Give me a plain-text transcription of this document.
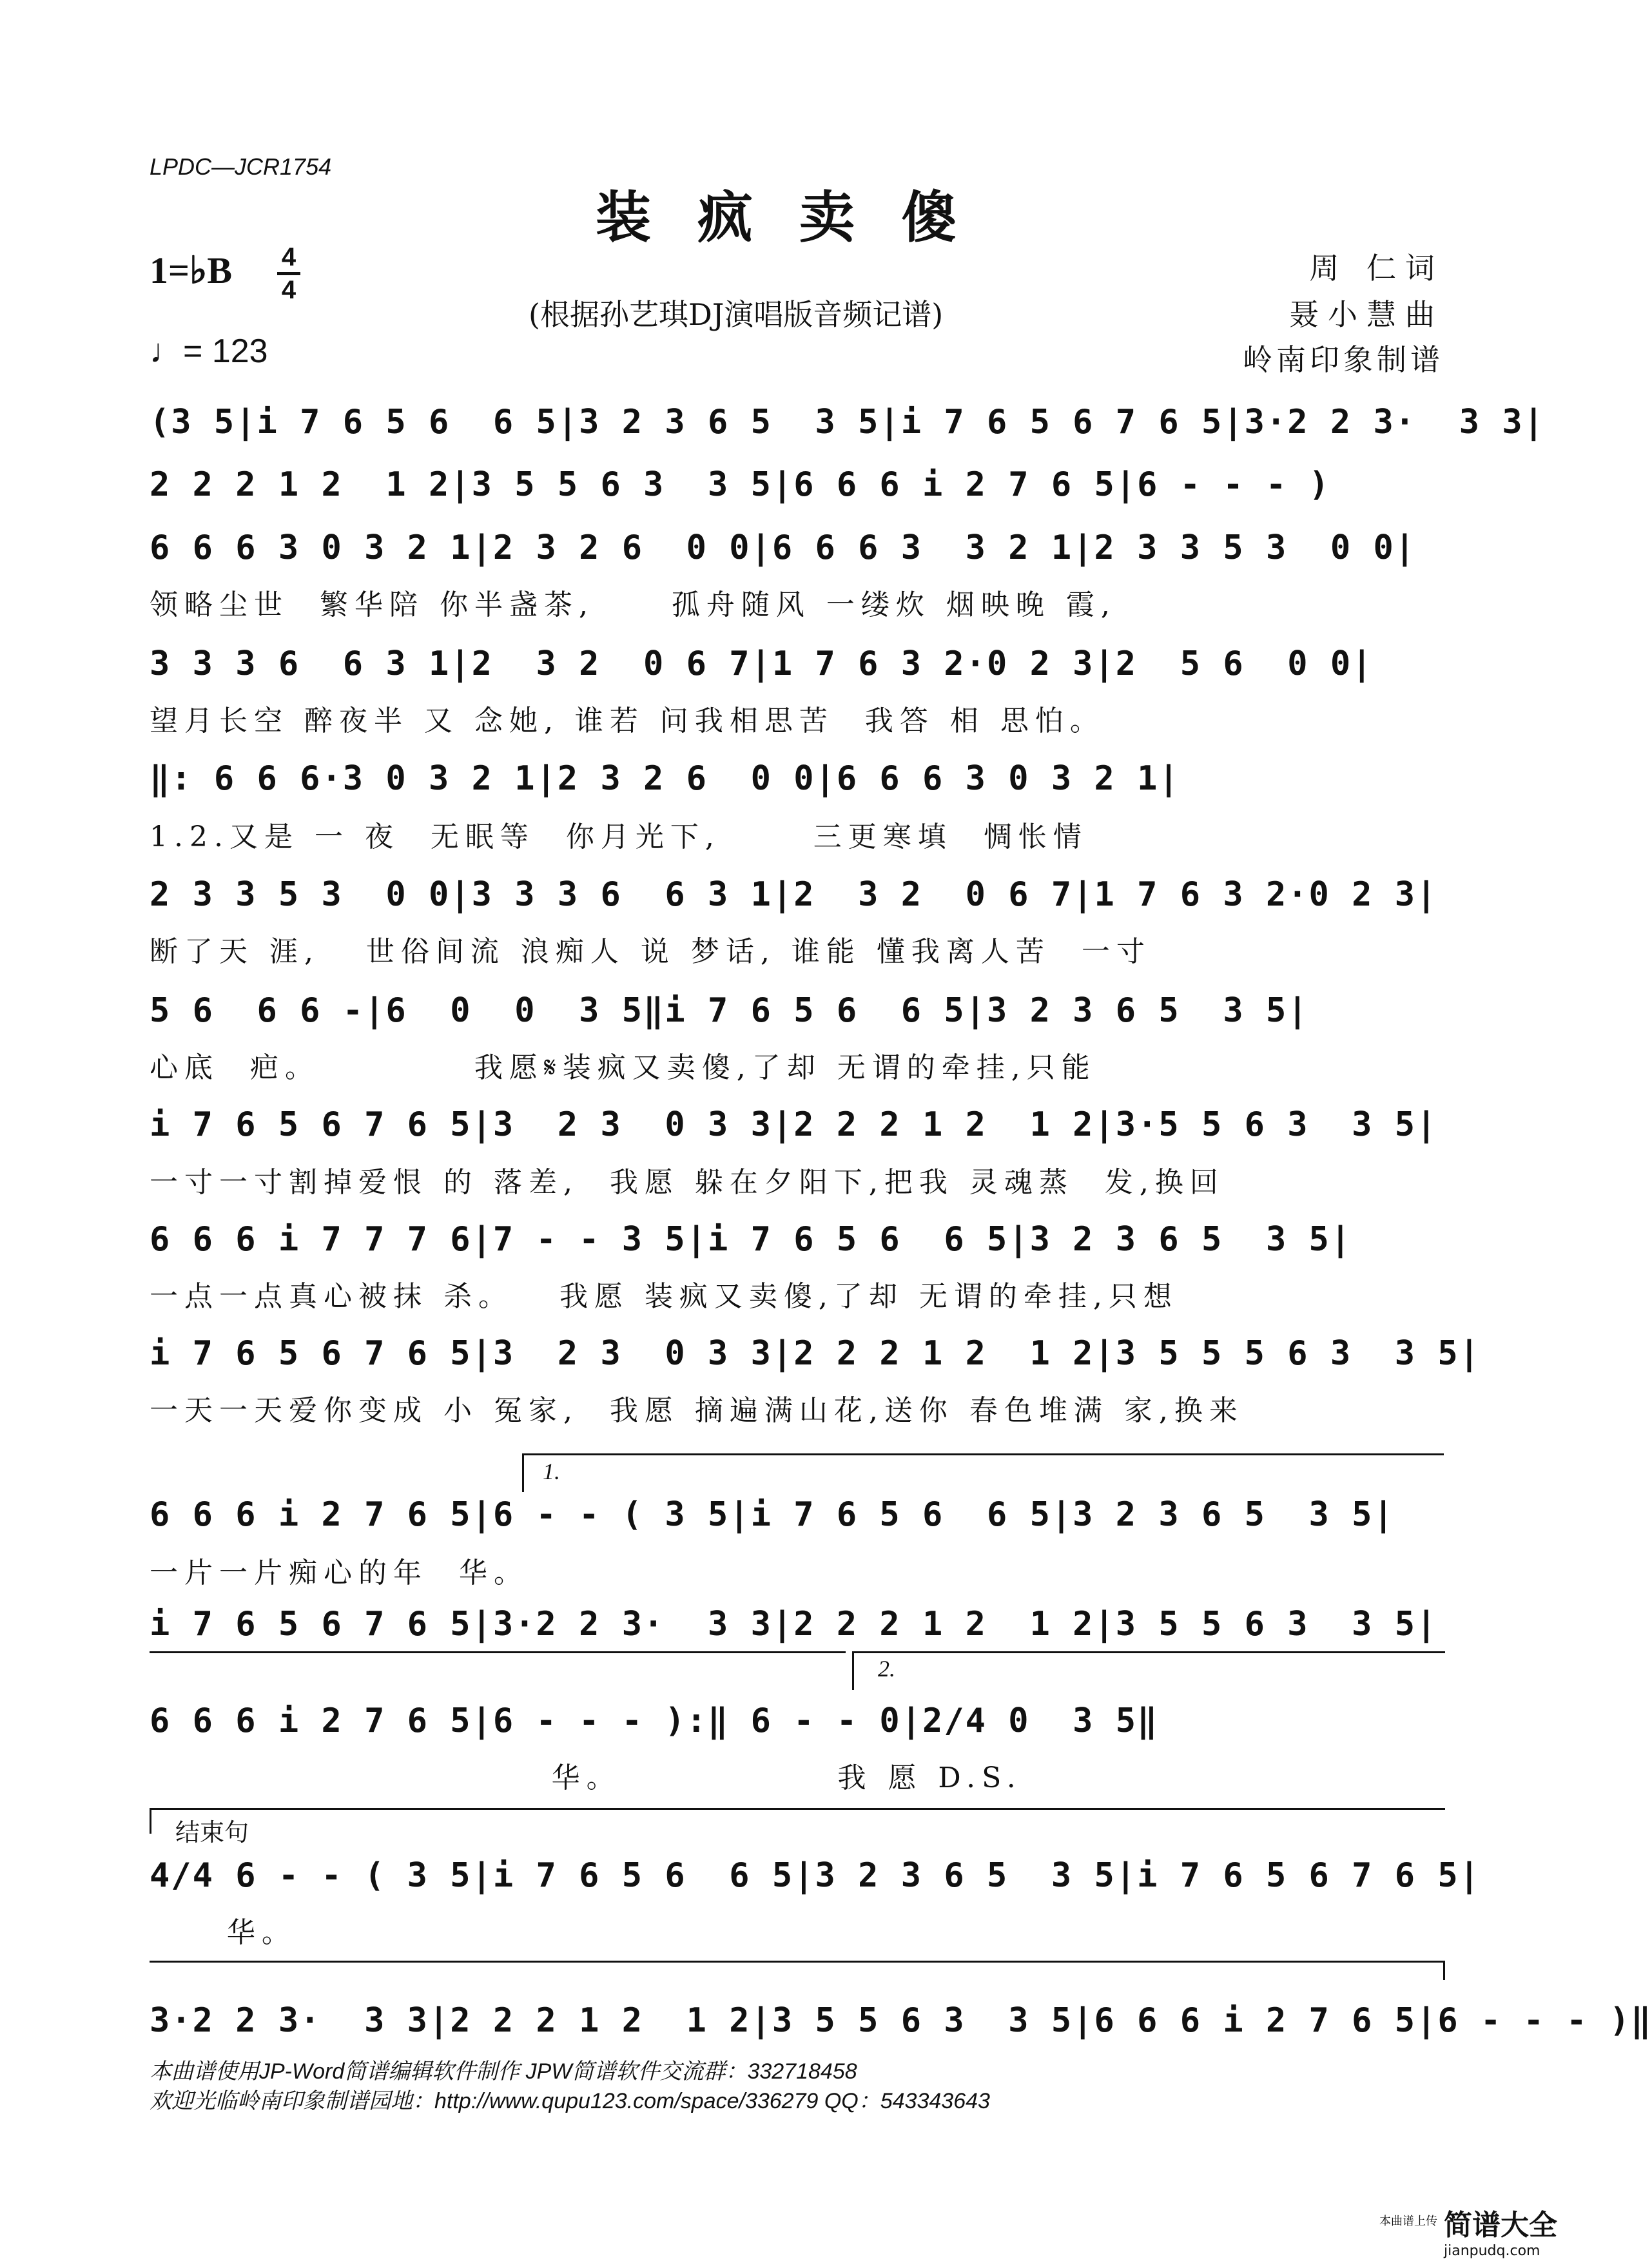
LPDC—JCR1754
装疯卖傻
1=♭B 4
4
♩= 123
(根据孙艺琪DJ演唱版音频记谱)
周 仁词
聂小慧曲
岭南印象制谱
(3 5|i 7 6 5 6  6 5|3 2 3 6 5  3 5|i 7 6 5 6 7 6 5|3·2 2 3·  3 3|
2 2 2 1 2  1 2|3 5 5 6 3  3 5|6 6 6 i 2 7 6 5|6 - - - )
6 6 6 3 0 3 2 1|2 3 2 6  0 0|6 6 6 3  3 2 1|2 3 3 5 3  0 0|
领略尘世  繁华陪 你半盏茶,     孤舟随风 一缕炊 烟映晚 霞,
3 3 3 6  6 3 1|2  3 2  0 6 7|1 7 6 3 2·0 2 3|2  5 6  0 0|
望月长空 醉夜半 又 念她, 谁若 问我相思苦  我答 相 思怕。
‖: 6 6 6·3 0 3 2 1|2 3 2 6  0 0|6 6 6 3 0 3 2 1|
1.2.又是 一 夜  无眠等  你月光下,      三更寒填  惆怅情
2 3 3 5 3  0 0|3 3 3 6  6 3 1|2  3 2  0 6 7|1 7 6 3 2·0 2 3|
断了天 涯,   世俗间流 浪痴人 说 梦话, 谁能 懂我离人苦  一寸
5 6  6 6 -|6  0  0  3 5‖i 7 6 5 6  6 5|3 2 3 6 5  3 5|
心底  疤。          我愿𝄋装疯又卖傻,了却 无谓的牵挂,只能
i 7 6 5 6 7 6 5|3  2 3  0 3 3|2 2 2 1 2  1 2|3·5 5 6 3  3 5|
一寸一寸割掉爱恨 的 落差,  我愿 躲在夕阳下,把我 灵魂蒸  发,换回
6 6 6 i 7 7 7 6|7 - - 3 5|i 7 6 5 6  6 5|3 2 3 6 5  3 5|
一点一点真心被抹 杀。   我愿 装疯又卖傻,了却 无谓的牵挂,只想
i 7 6 5 6 7 6 5|3  2 3  0 3 3|2 2 2 1 2  1 2|3 5 5 5 6 3  3 5|
一天一天爱你变成 小 冤家,  我愿 摘遍满山花,送你 春色堆满 家,换来
1.
6 6 6 i 2 7 6 5|6 - - ( 3 5|i 7 6 5 6  6 5|3 2 3 6 5  3 5|
一片一片痴心的年  华。
i 7 6 5 6 7 6 5|3·2 2 3·  3 3|2 2 2 1 2  1 2|3 5 5 6 3  3 5|
2.
6 6 6 i 2 7 6 5|6 - - - ):‖ 6 - - 0|2/4 0  3 5‖
华。              我 愿 D.S.
结束句
4/4 6 - - ( 3 5|i 7 6 5 6  6 5|3 2 3 6 5  3 5|i 7 6 5 6 7 6 5|
华。
3·2 2 3·  3 3|2 2 2 1 2  1 2|3 5 5 6 3  3 5|6 6 6 i 2 7 6 5|6 - - - )‖
本曲谱使用JP-Word简谱编辑软件制作 JPW简谱软件交流群：332718458
欢迎光临岭南印象制谱园地：http://www.qupu123.com/space/336279 QQ：543343643
本曲谱上传 简谱大全
jianpudq.com
